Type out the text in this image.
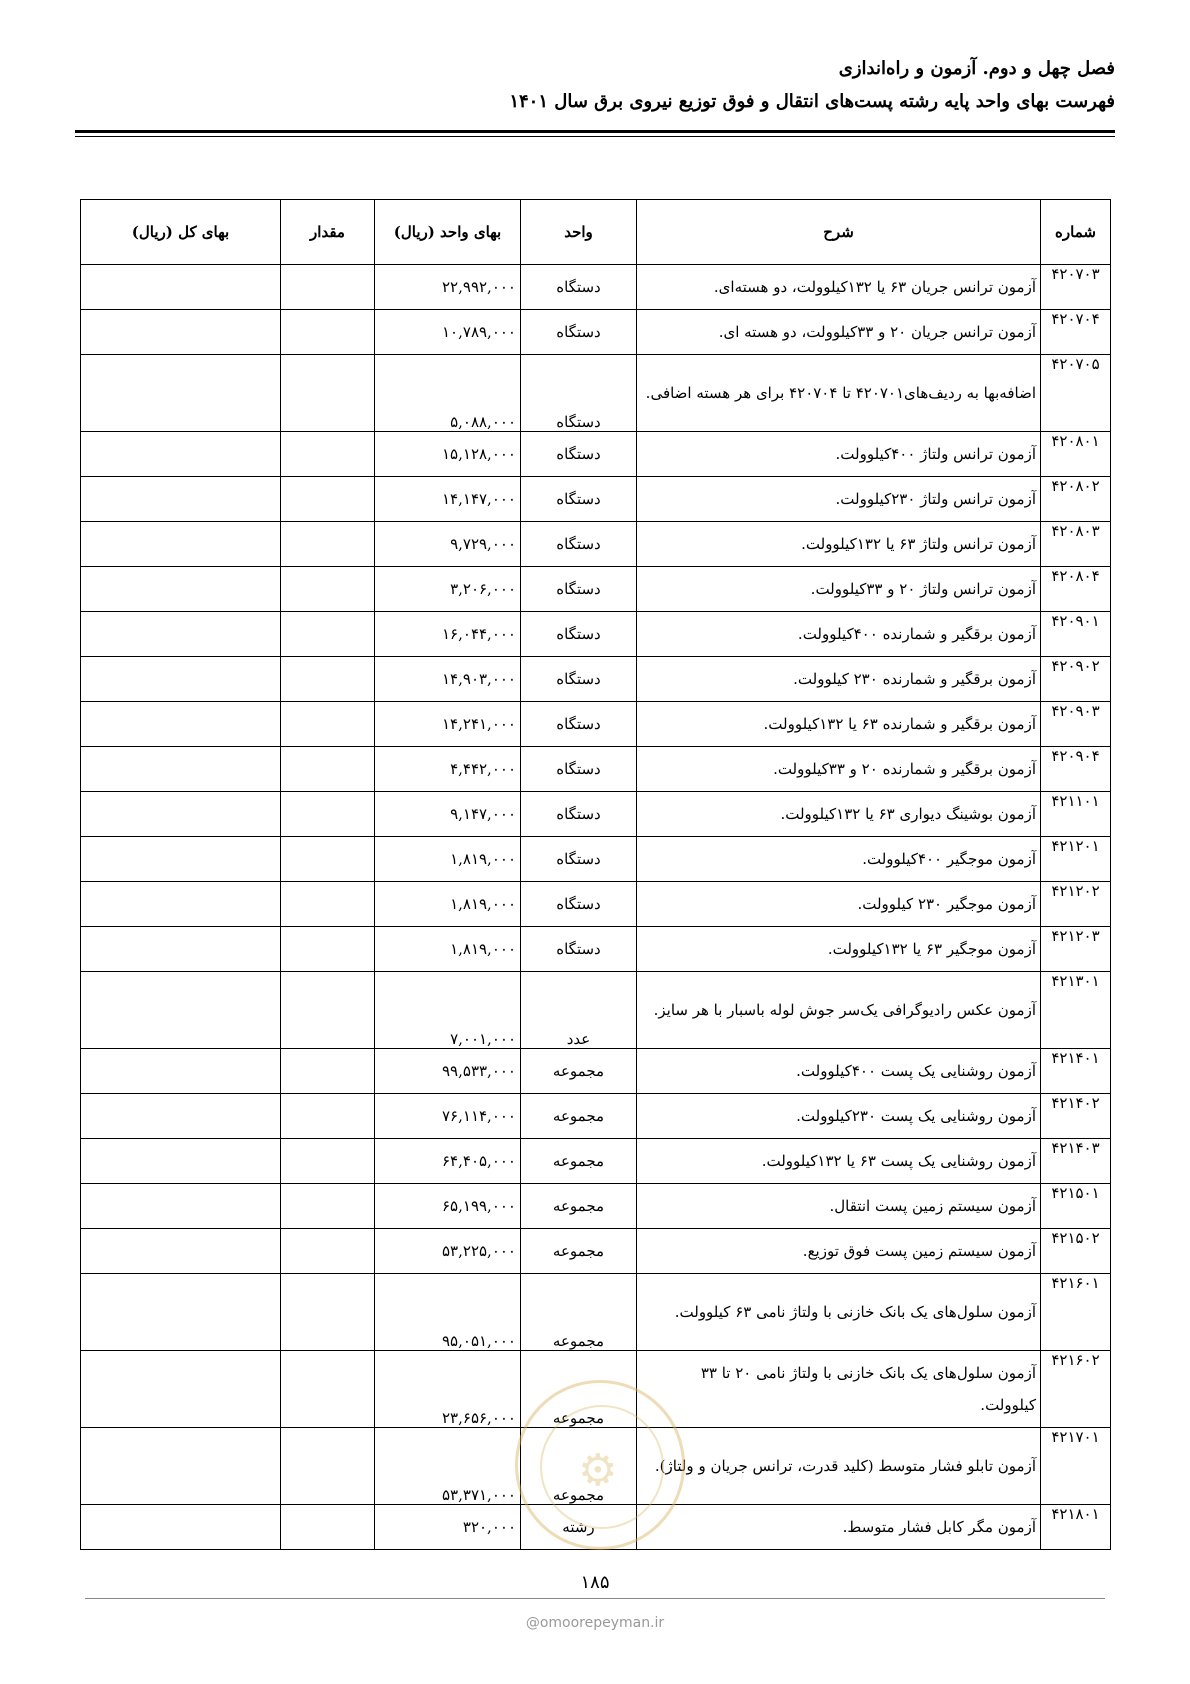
فصل چهل و دوم. آزمون و راه‌اندازی
فهرست بهای واحد پایه رشته پست‌های انتقال و فوق توزیع نیروی برق سال ۱۴۰۱
شماره	شرح	واحد	بهای واحد (ریال)	مقدار	بهای کل (ریال)
۴۲۰۷۰۳	آزمون ترانس جریان ۶۳ یا ۱۳۲کیلوولت، دو هسته‌ای.	دستگاه	۲۲,۹۹۲,۰۰۰		
۴۲۰۷۰۴	آزمون ترانس جریان ۲۰ و ۳۳کیلوولت، دو هسته ای.	دستگاه	۱۰,۷۸۹,۰۰۰		
۴۲۰۷۰۵	اضافه‌بها به ردیف‌های۴۲۰۷۰۱ تا ۴۲۰۷۰۴ برای هر هسته اضافی.	دستگاه	۵,۰۸۸,۰۰۰		
۴۲۰۸۰۱	آزمون ترانس ولتاژ ۴۰۰کیلوولت.	دستگاه	۱۵,۱۲۸,۰۰۰		
۴۲۰۸۰۲	آزمون ترانس ولتاژ ۲۳۰کیلوولت.	دستگاه	۱۴,۱۴۷,۰۰۰		
۴۲۰۸۰۳	آزمون ترانس ولتاژ ۶۳ یا ۱۳۲کیلوولت.	دستگاه	۹,۷۲۹,۰۰۰		
۴۲۰۸۰۴	آزمون ترانس ولتاژ ۲۰ و ۳۳کیلوولت.	دستگاه	۳,۲۰۶,۰۰۰		
۴۲۰۹۰۱	آزمون برقگیر و شمارنده ۴۰۰کیلوولت.	دستگاه	۱۶,۰۴۴,۰۰۰		
۴۲۰۹۰۲	آزمون برقگیر و شمارنده ۲۳۰ کیلوولت.	دستگاه	۱۴,۹۰۳,۰۰۰		
۴۲۰۹۰۳	آزمون برقگیر و شمارنده ۶۳ یا ۱۳۲کیلوولت.	دستگاه	۱۴,۲۴۱,۰۰۰		
۴۲۰۹۰۴	آزمون برقگیر و شمارنده ۲۰ و ۳۳کیلوولت.	دستگاه	۴,۴۴۲,۰۰۰		
۴۲۱۱۰۱	آزمون بوشینگ دیواری ۶۳ یا ۱۳۲کیلوولت.	دستگاه	۹,۱۴۷,۰۰۰		
۴۲۱۲۰۱	آزمون موجگیر ۴۰۰کیلوولت.	دستگاه	۱,۸۱۹,۰۰۰		
۴۲۱۲۰۲	آزمون موجگیر ۲۳۰ کیلوولت.	دستگاه	۱,۸۱۹,۰۰۰		
۴۲۱۲۰۳	آزمون موجگیر ۶۳ یا ۱۳۲کیلوولت.	دستگاه	۱,۸۱۹,۰۰۰		
۴۲۱۳۰۱	آزمون عکس رادیوگرافی یک‌سر جوش لوله باسبار با هر سایز.	عدد	۷,۰۰۱,۰۰۰		
۴۲۱۴۰۱	آزمون روشنایی یک پست ۴۰۰کیلوولت.	مجموعه	۹۹,۵۳۳,۰۰۰		
۴۲۱۴۰۲	آزمون روشنایی یک پست ۲۳۰کیلوولت.	مجموعه	۷۶,۱۱۴,۰۰۰		
۴۲۱۴۰۳	آزمون روشنایی یک پست ۶۳ یا ۱۳۲کیلوولت.	مجموعه	۶۴,۴۰۵,۰۰۰		
۴۲۱۵۰۱	آزمون سیستم زمین پست انتقال.	مجموعه	۶۵,۱۹۹,۰۰۰		
۴۲۱۵۰۲	آزمون سیستم زمین پست فوق توزیع.	مجموعه	۵۳,۲۲۵,۰۰۰		
۴۲۱۶۰۱	آزمون سلول‌های یک بانک خازنی با ولتاژ نامی ۶۳ کیلوولت.	مجموعه	۹۵,۰۵۱,۰۰۰		
۴۲۱۶۰۲	آزمون سلول‌های یک بانک خازنی با ولتاژ نامی ۲۰ تا ۳۳ کیلوولت.	مجموعه	۲۳,۶۵۶,۰۰۰		
۴۲۱۷۰۱	آزمون تابلو فشار متوسط (کلید قدرت، ترانس جریان و ولتاژ).	مجموعه	۵۳,۳۷۱,۰۰۰		
۴۲۱۸۰۱	آزمون مگر کابل فشار متوسط.	رشته	۳۲۰,۰۰۰		
⚙
۱۸۵
@omoorepeyman.ir
